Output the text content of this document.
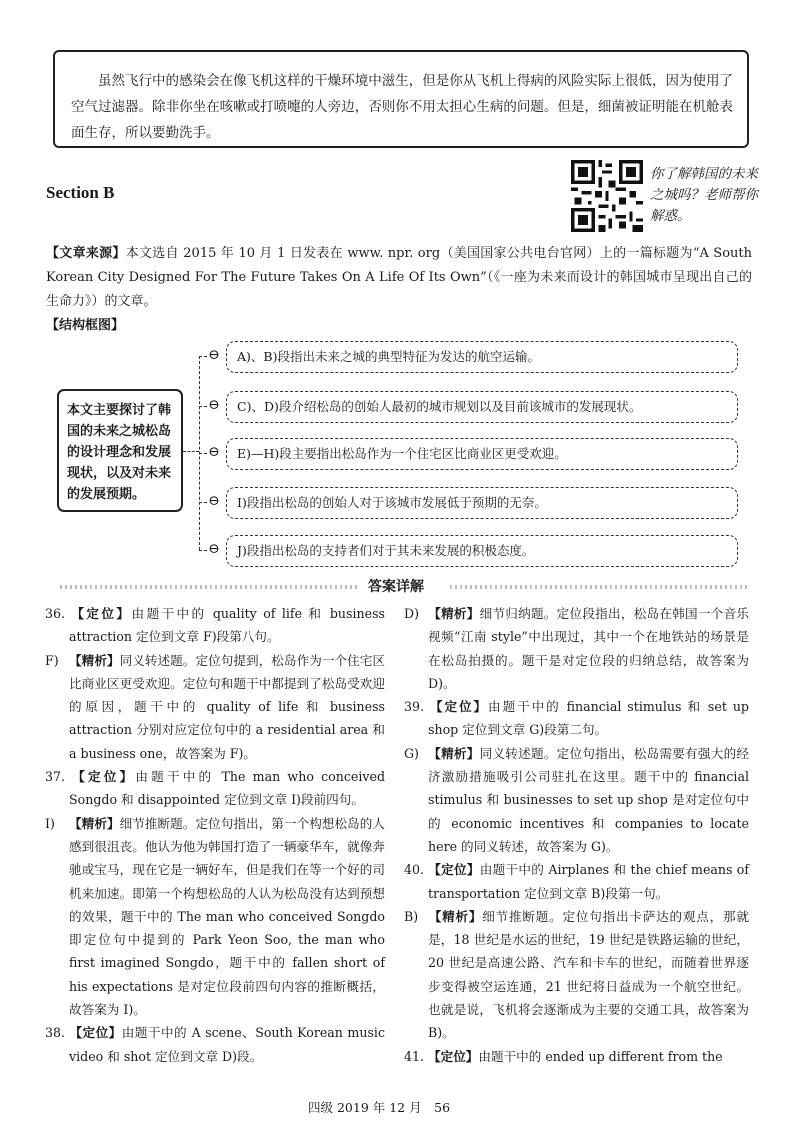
虽然飞行中的感染会在像飞机这样的干燥环境中滋生，但是你从飞机上得病的风险实际上很低，因为使用了空气过滤器。除非你坐在咳嗽或打喷嚏的人旁边，否则你不用太担心生病的问题。但是，细菌被证明能在机舱表面生存，所以要勤洗手。
Section B
你了解韩国的未来之城吗？老师帮你解惑。
【文章来源】本文选自 2015 年 10 月 1 日发表在 www. npr. org（美国国家公共电台官网）上的一篇标题为“A South Korean City Designed For The Future Takes On A Life Of Its Own”（《一座为未来而设计的韩国城市呈现出自己的生命力》）的文章。
【结构框图】
本文主要探讨了韩国的未来之城松岛的设计理念和发展现状，以及对未来的发展预期。
⊖	A)、B)段指出未来之城的典型特征为发达的航空运输。
⊖	C)、D)段介绍松岛的创始人最初的城市规划以及目前该城市的发展现状。
⊖	E)—H)段主要指出松岛作为一个住宅区比商业区更受欢迎。
⊖	I)段指出松岛的创始人对于该城市发展低于预期的无奈。
⊖	J)段指出松岛的支持者们对于其未来发展的积极态度。
答案详解

36. 【定位】由题干中的 quality of life 和 business attraction 定位到文章 F)段第八句。

F) 【精析】同义转述题。定位句提到，松岛作为一个住宅区比商业区更受欢迎。定位句和题干中都提到了松岛受欢迎的原因，题干中的 quality of life 和 business attraction 分别对应定位句中的 a residential area 和 a business one，故答案为 F)。

37. 【定位】由题干中的 The man who conceived Songdo 和 disappointed 定位到文章 I)段前四句。

I) 【精析】细节推断题。定位句指出，第一个构想松岛的人感到很沮丧。他认为他为韩国打造了一辆豪华车，就像奔驰或宝马，现在它是一辆好车，但是我们在等一个好的司机来加速。即第一个构想松岛的人认为松岛没有达到预想的效果，题干中的 The man who conceived Songdo 即定位句中提到的 Park Yeon Soo, the man who first imagined Songdo，题干中的 fallen short of his expectations 是对定位段前四句内容的推断概括，故答案为 I)。

38. 【定位】由题干中的 A scene、South Korean music video 和 shot 定位到文章 D)段。

D) 【精析】细节归纳题。定位段指出，松岛在韩国一个音乐视频“江南 style”中出现过，其中一个在地铁站的场景是在松岛拍摄的。题干是对定位段的归纳总结，故答案为 D)。

39. 【定位】由题干中的 financial stimulus 和 set up shop 定位到文章 G)段第二句。

G) 【精析】同义转述题。定位句指出，松岛需要有强大的经济激励措施吸引公司驻扎在这里。题干中的 financial stimulus 和 businesses to set up shop 是对定位句中的 economic incentives 和 companies to locate here 的同义转述，故答案为 G)。

40. 【定位】由题干中的 Airplanes 和 the chief means of transportation 定位到文章 B)段第一句。

B) 【精析】细节推断题。定位句指出卡萨达的观点，那就是，18 世纪是水运的世纪，19 世纪是铁路运输的世纪，20 世纪是高速公路、汽车和卡车的世纪，而随着世界逐步变得被空运连通，21 世纪将日益成为一个航空世纪。也就是说，飞机将会逐渐成为主要的交通工具，故答案为 B)。

41. 【定位】由题干中的 ended up different from the

四级 2019 年 12 月　56
